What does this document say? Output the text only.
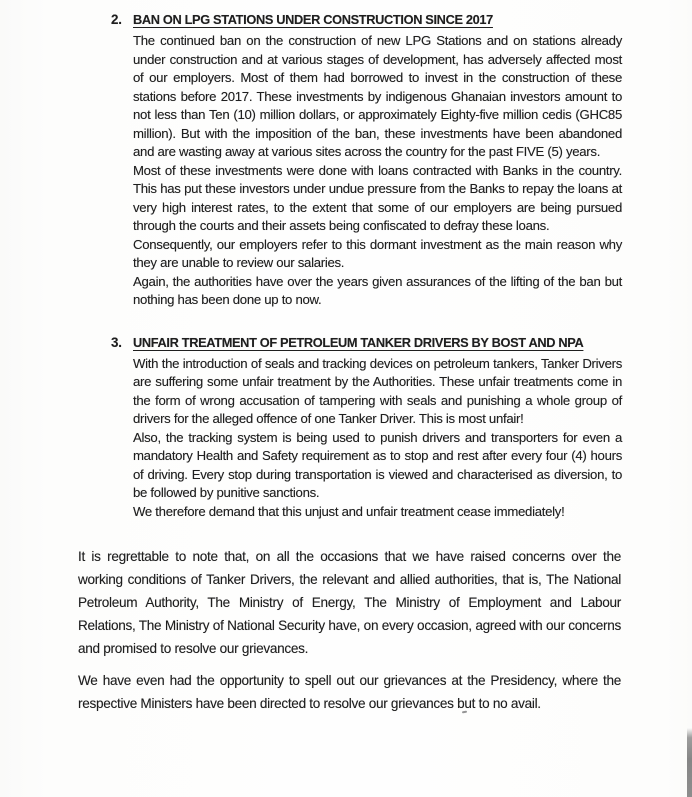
2. BAN ON LPG STATIONS UNDER CONSTRUCTION SINCE 2017

The continued ban on the construction of new LPG Stations and on stations already under construction and at various stages of development, has adversely affected most of our employers. Most of them had borrowed to invest in the construction of these stations before 2017. These investments by indigenous Ghanaian investors amount to not less than Ten (10) million dollars, or approximately Eighty-five million cedis (GHC85 million). But with the imposition of the ban, these investments have been abandoned and are wasting away at various sites across the country for the past FIVE (5) years.

Most of these investments were done with loans contracted with Banks in the country. This has put these investors under undue pressure from the Banks to repay the loans at very high interest rates, to the extent that some of our employers are being pursued through the courts and their assets being confiscated to defray these loans.

Consequently, our employers refer to this dormant investment as the main reason why they are unable to review our salaries.

Again, the authorities have over the years given assurances of the lifting of the ban but nothing has been done up to now.

3. UNFAIR TREATMENT OF PETROLEUM TANKER DRIVERS BY BOST AND NPA

With the introduction of seals and tracking devices on petroleum tankers, Tanker Drivers are suffering some unfair treatment by the Authorities. These unfair treatments come in the form of wrong accusation of tampering with seals and punishing a whole group of drivers for the alleged offence of one Tanker Driver. This is most unfair!

Also, the tracking system is being used to punish drivers and transporters for even a mandatory Health and Safety requirement as to stop and rest after every four (4) hours of driving. Every stop during transportation is viewed and characterised as diversion, to be followed by punitive sanctions.

We therefore demand that this unjust and unfair treatment cease immediately!

It is regrettable to note that, on all the occasions that we have raised concerns over the working conditions of Tanker Drivers, the relevant and allied authorities, that is, The National Petroleum Authority, The Ministry of Energy, The Ministry of Employment and Labour Relations, The Ministry of National Security have, on every occasion, agreed with our concerns and promised to resolve our grievances.

We have even had the opportunity to spell out our grievances at the Presidency, where the respective Ministers have been directed to resolve our grievances but to no avail.
